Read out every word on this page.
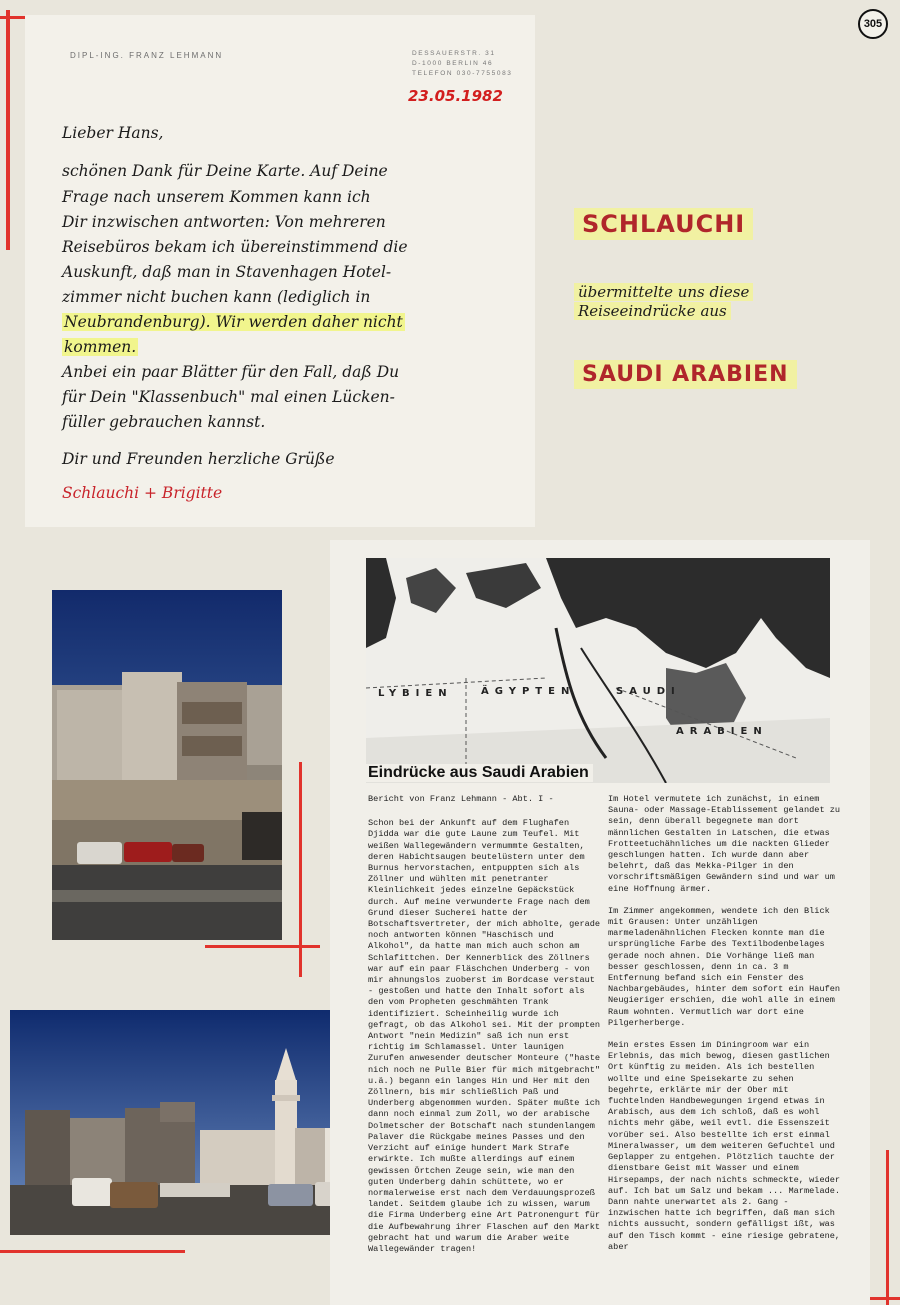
305
DIPL-ING. FRANZ LEHMANN	DESSAUERSTR. 31
D-1000 BERLIN 46
TELEFON 030-7755083
23.05.1982
Lieber Hans,
schönen Dank für Deine Karte. Auf Deine
Frage nach unserem Kommen kann ich
Dir inzwischen antworten: Von mehreren
Reisebüros bekam ich übereinstimmend die
Auskunft, daß man in Stavenhagen Hotel-
zimmer nicht buchen kann (lediglich in
Neubrandenburg). Wir werden daher nicht
kommen.
Anbei ein paar Blätter für den Fall, daß Du
für Dein "Klassenbuch" mal einen Lücken-
füller gebrauchen kannst.
Dir und Freunden herzliche Grüße
Schlauchi + Brigitte
SCHLAUCHI
übermittelte uns diese
Reiseeindrücke aus
SAUDI ARABIEN
LYBIEN	ÄGYPTEN	SAUDI
ARABIEN
Eindrücke aus Saudi Arabien

Bericht von Franz Lehmann - Abt. I -

Schon bei der Ankunft auf dem Flughafen Djidda war die gute Laune zum Teufel. Mit weißen Wallegewändern vermummte Gestalten, deren Habichtsaugen beutelüstern unter dem Burnus hervorstachen, entpuppten sich als Zöllner und wühlten mit penetranter Kleinlichkeit jedes einzelne Gepäckstück durch. Auf meine verwunderte Frage nach dem Grund dieser Sucherei hatte der Botschaftsvertreter, der mich abholte, gerade noch antworten können "Haschisch und Alkohol", da hatte man mich auch schon am Schlafittchen. Der Kennerblick des Zöllners war auf ein paar Fläschchen Underberg - von mir ahnungslos zuoberst im Bordcase verstaut - gestoßen und hatte den Inhalt sofort als den vom Propheten geschmähten Trank identifiziert. Scheinheilig wurde ich gefragt, ob das Alkohol sei. Mit der prompten Antwort "nein Medizin" saß ich nun erst richtig im Schlamassel. Unter launigen Zurufen anwesender deutscher Monteure ("haste nich noch ne Pulle Bier für mich mitgebracht" u.ä.) begann ein langes Hin und Her mit den Zöllnern, bis mir schließlich Paß und Underberg abgenommen wurden. Später mußte ich dann noch einmal zum Zoll, wo der arabische Dolmetscher der Botschaft nach stundenlangem Palaver die Rückgabe meines Passes und den Verzicht auf einige hundert Mark Strafe erwirkte. Ich mußte allerdings auf einem gewissen Örtchen Zeuge sein, wie man den guten Underberg dahin schüttete, wo er normalerweise erst nach dem Verdauungsprozeß landet. Seitdem glaube ich zu wissen, warum die Firma Underberg eine Art Patronengurt für die Aufbewahrung ihrer Flaschen auf den Markt gebracht hat und warum die Araber weite Wallegewänder tragen!

Im Hotel vermutete ich zunächst, in einem Sauna- oder Massage-Etablissement gelandet zu sein, denn überall begegnete man dort männlichen Gestalten in Latschen, die etwas Frotteetuchähnliches um die nackten Glieder geschlungen hatten. Ich wurde dann aber belehrt, daß das Mekka-Pilger in den vorschriftsmäßigen Gewändern sind und war um eine Hoffnung ärmer.

Im Zimmer angekommen, wendete ich den Blick mit Grausen: Unter unzähligen marmeladenähnlichen Flecken konnte man die ursprüngliche Farbe des Textilbodenbelages gerade noch ahnen. Die Vorhänge ließ man besser geschlossen, denn in ca. 3 m Entfernung befand sich ein Fenster des Nachbargebäudes, hinter dem sofort ein Haufen Neugieriger erschien, die wohl alle in einem Raum wohnten. Vermutlich war dort eine Pilgerherberge.

Mein erstes Essen im Diningroom war ein Erlebnis, das mich bewog, diesen gastlichen Ort künftig zu meiden. Als ich bestellen wollte und eine Speisekarte zu sehen begehrte, erklärte mir der Ober mit fuchtelnden Handbewegungen irgend etwas in Arabisch, aus dem ich schloß, daß es wohl nichts mehr gäbe, weil evtl. die Essenszeit vorüber sei. Also bestellte ich erst einmal Mineralwasser, um dem weiteren Gefuchtel und Geplapper zu entgehen. Plötzlich tauchte der dienstbare Geist mit Wasser und einem Hirsepamps, der nach nichts schmeckte, wieder auf. Ich bat um Salz und bekam ... Marmelade. Dann nahte unerwartet als 2. Gang - inzwischen hatte ich begriffen, daß man sich nichts aussucht, sondern gefälligst ißt, was auf den Tisch kommt - eine riesige gebratene, aber
